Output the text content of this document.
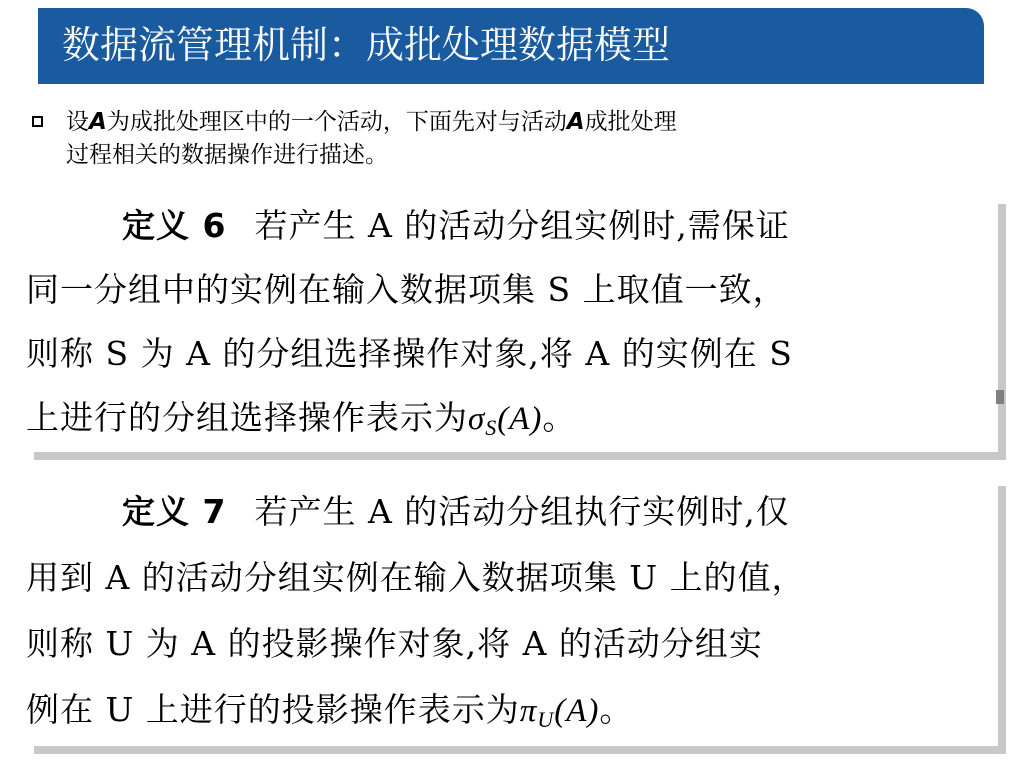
数据流管理机制：成批处理数据模型
设A为成批处理区中的一个活动，下面先对与活动A成批处理
过程相关的数据操作进行描述。
定义 6 若产生 A 的活动分组实例时,需保证
同一分组中的实例在输入数据项集 S 上取值一致，
则称 S 为 A 的分组选择操作对象,将 A 的实例在 S
上进行的分组选择操作表示为σS(A)。
定义 7 若产生 A 的活动分组执行实例时,仅
用到 A 的活动分组实例在输入数据项集 U 上的值，
则称 U 为 A 的投影操作对象,将 A 的活动分组实
例在 U 上进行的投影操作表示为πU(A)。
